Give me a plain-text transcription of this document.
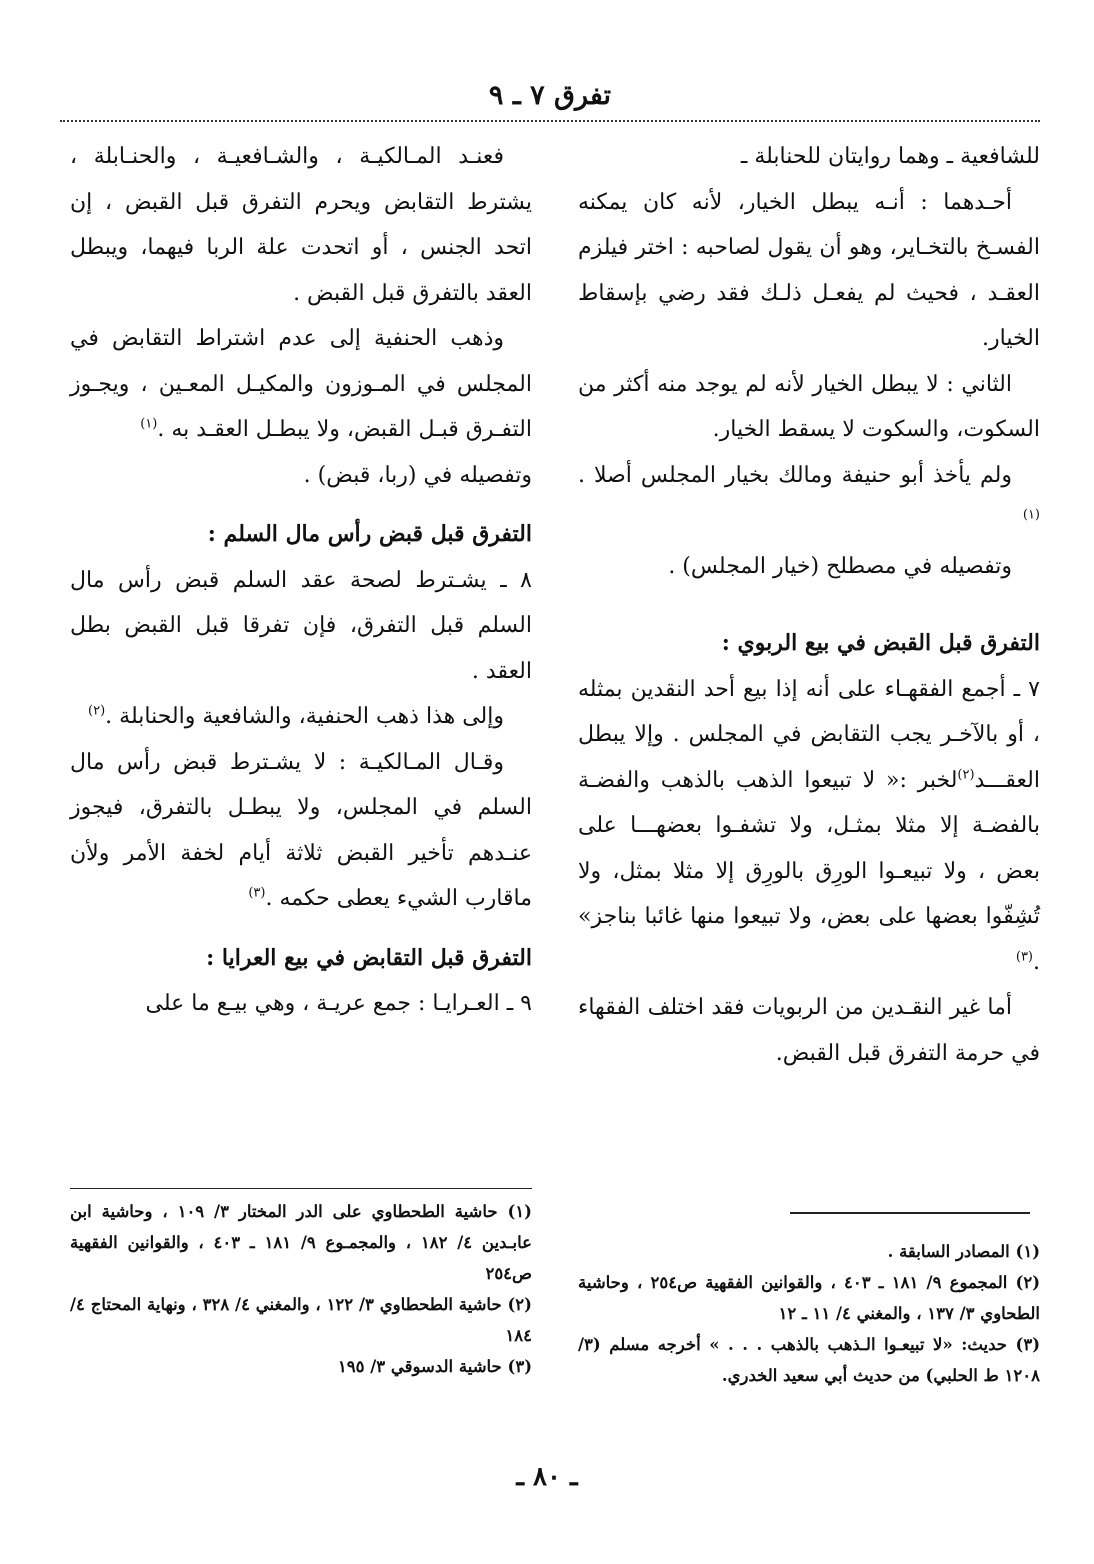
تفرق ٧ ـ ٩

للشافعية ـ وهما روايتان للحنابلة ـ

أحـدهما : أنـه يبطل الخيار، لأنه كان يمكنه الفسـخ بالتخـاير، وهو أن يقول لصاحبه : اختر فيلزم العقـد ، فحيث لم يفعـل ذلـك فقد رضي بإسقاط الخيار.

الثاني : لا يبطل الخيار لأنه لم يوجد منه أكثر من السكوت، والسكوت لا يسقط الخيار.

ولم يأخذ أبو حنيفة ومالك بخيار المجلس أصلا .$^{(١)}$

وتفصيله في مصطلح (خيار المجلس) .

التفرق قبل القبض في بيع الربوي :

٧ ـ أجمع الفقهـاء على أنه إذا بيع أحد النقدين بمثله ، أو بالآخـر يجب التقابض في المجلس . وإلا يبطل العقـــد$^{(٢)}$لخبر :« لا تبيعوا الذهب بالذهب والفضـة بالفضـة إلا مثلا بمثـل، ولا تشفـوا بعضهـــا على بعض ، ولا تبيعـوا الورِق بالورِق إلا مثلا بمثل، ولا تُشِفّوا بعضها على بعض، ولا تبيعوا منها غائبا بناجز» .$^{(٣)}$

أما غير النقـدين من الربويات فقد اختلف الفقهاء في حرمة التفرق قبل القبض.

فعنـد المـالكيـة ، والشـافعيـة ، والحنـابلة ، يشترط التقابض ويحرم التفرق قبل القبض ، إن اتحد الجنس ، أو اتحدت علة الربا فيهما، ويبطل العقد بالتفرق قبل القبض .

وذهب الحنفية إلى عدم اشتراط التقابض في المجلس في المـوزون والمكيـل المعـين ، ويجـوز التفـرق قبـل القبض، ولا يبطـل العقـد به .$^{(١)}$

وتفصيله في (ربا، قبض) .

التفرق قبل قبض رأس مال السلم :

٨ ـ يشـترط لصحة عقد السلم قبض رأس مال السلم قبل التفرق، فإن تفرقا قبل القبض بطل العقد .

وإلى هذا ذهب الحنفية، والشافعية والحنابلة .$^{(٢)}$

وقـال المـالكيـة : لا يشـترط قبض رأس مال السلم في المجلس، ولا يبطـل بالتفرق، فيجوز عنـدهم تأخير القبض ثلاثة أيام لخفة الأمر ولأن ماقارب الشيء يعطى حكمه .$^{(٣)}$

التفرق قبل التقابض في بيع العرايا :

٩ ـ العـرايـا : جمع عريـة ، وهي بيـع ما على

(١) المصادر السابقة .

(٢) المجموع ٩/ ١٨١ ـ ٤٠٣ ، والقوانين الفقهية ص٢٥٤ ، وحاشية الطحاوي ٣/ ١٣٧ ، والمغني ٤/ ١١ ـ ١٢

(٣) حديث: «لا تبيعـوا الـذهب بالذهب . . . » أخرجه مسلم (٣/ ١٢٠٨ ط الحلبي) من حديث أبي سعيد الخدري.

(١) حاشية الطحطاوي على الدر المختار ٣/ ١٠٩ ، وحاشية ابن عابـدين ٤/ ١٨٢ ، والمجمـوع ٩/ ١٨١ ـ ٤٠٣ ، والقوانين الفقهية ص٢٥٤

(٢) حاشية الطحطاوي ٣/ ١٢٢ ، والمغني ٤/ ٣٢٨ ، ونهاية المحتاج ٤/ ١٨٤

(٣) حاشية الدسوقي ٣/ ١٩٥

ـ ٨٠ ـ
